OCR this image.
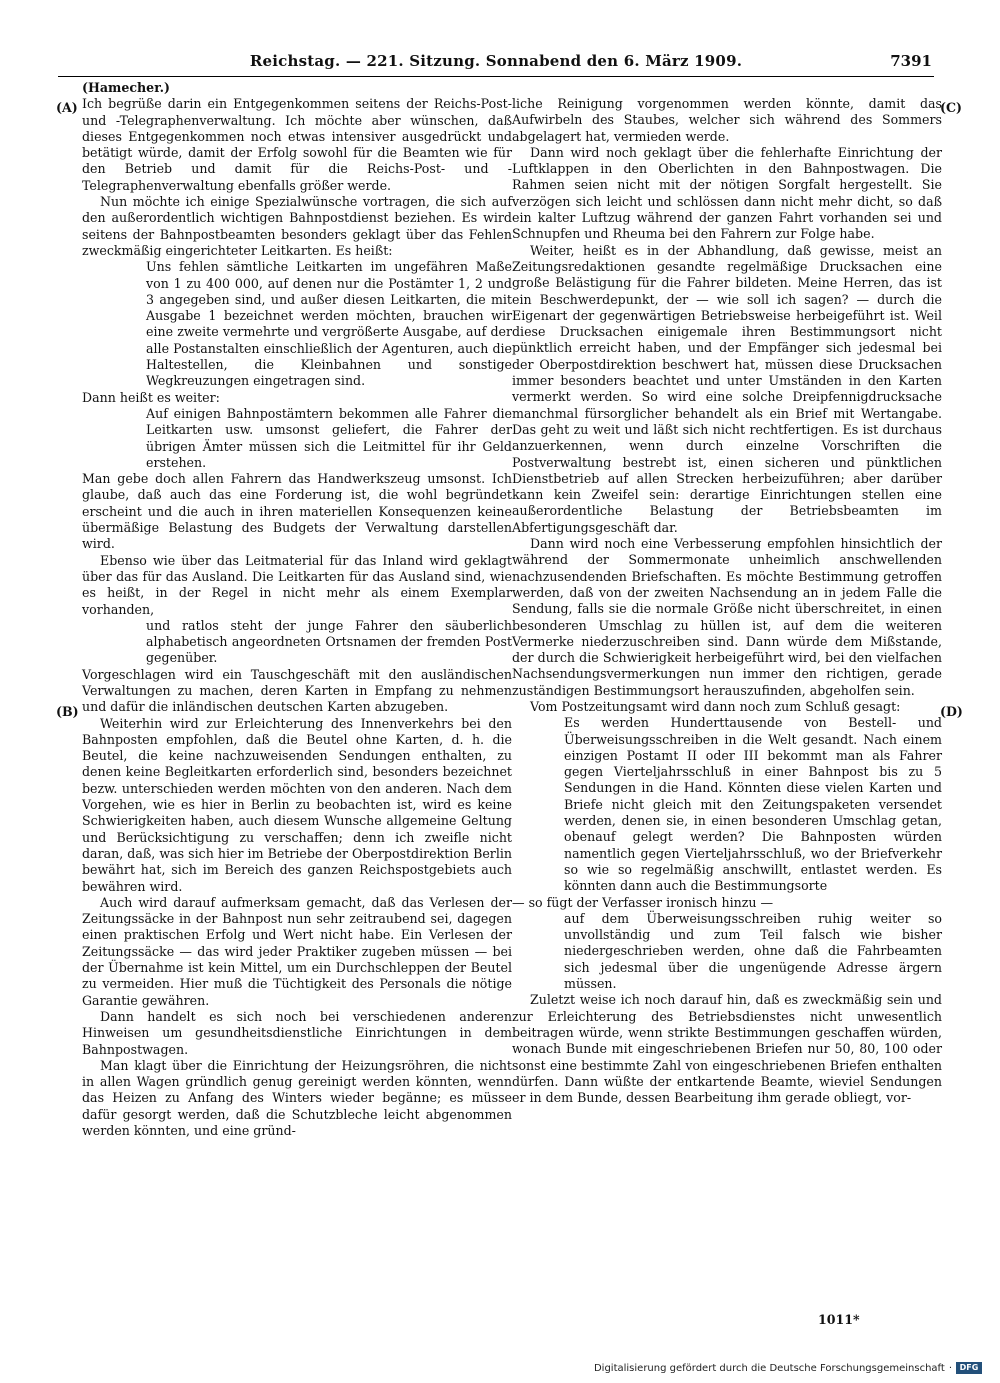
Reichstag. — 221. Sitzung. Sonnabend den 6. März 1909.	7391
(A)
(B)
(C)
(D)

(Hamecher.)

Ich begrüße darin ein Entgegenkommen seitens der Reichs-Post- und -Telegraphenverwaltung. Ich möchte aber wünschen, daß dieses Entgegenkommen noch etwas intensiver ausgedrückt und betätigt würde, damit der Erfolg sowohl für die Beamten wie für den Betrieb und damit für die Reichs-Post- und -Telegraphenverwaltung ebenfalls größer werde.

Nun möchte ich einige Spezialwünsche vortragen, die sich auf den außerordentlich wichtigen Bahnpostdienst beziehen. Es wird seitens der Bahnpostbeamten besonders geklagt über das Fehlen zweckmäßig eingerichteter Leitkarten. Es heißt:

Uns fehlen sämtliche Leitkarten im ungefähren Maße von 1 zu 400 000, auf denen nur die Postämter 1, 2 und 3 angegeben sind, und außer diesen Leitkarten, die mit Ausgabe 1 bezeichnet werden möchten, brauchen wir eine zweite vermehrte und vergrößerte Ausgabe, auf der alle Postanstalten einschließlich der Agenturen, auch die Haltestellen, die Kleinbahnen und sonstige Wegkreuzungen eingetragen sind.

Dann heißt es weiter:

Auf einigen Bahnpostämtern bekommen alle Fahrer die Leitkarten usw. umsonst geliefert, die Fahrer der übrigen Ämter müssen sich die Leitmittel für ihr Geld erstehen.

Man gebe doch allen Fahrern das Handwerkszeug umsonst. Ich glaube, daß auch das eine Forderung ist, die wohl begründet erscheint und die auch in ihren materiellen Konsequenzen keine übermäßige Belastung des Budgets der Verwaltung darstellen wird.

Ebenso wie über das Leitmaterial für das Inland wird geklagt über das für das Ausland. Die Leitkarten für das Ausland sind, wie es heißt, in der Regel in nicht mehr als einem Exemplar vorhanden,

und ratlos steht der junge Fahrer den säuberlich alphabetisch angeordneten Ortsnamen der fremden Post gegenüber.

Vorgeschlagen wird ein Tauschgeschäft mit den ausländischen Verwaltungen zu machen, deren Karten in Empfang zu nehmen und dafür die inländischen deutschen Karten abzugeben.

Weiterhin wird zur Erleichterung des Innenverkehrs bei den Bahnposten empfohlen, daß die Beutel ohne Karten, d. h. die Beutel, die keine nachzuweisenden Sendungen enthalten, zu denen keine Begleitkarten erforderlich sind, besonders bezeichnet bezw. unterschieden werden möchten von den anderen. Nach dem Vorgehen, wie es hier in Berlin zu beobachten ist, wird es keine Schwierigkeiten haben, auch diesem Wunsche allgemeine Geltung und Berücksichtigung zu verschaffen; denn ich zweifle nicht daran, daß, was sich hier im Betriebe der Oberpostdirektion Berlin bewährt hat, sich im Bereich des ganzen Reichspostgebiets auch bewähren wird.

Auch wird darauf aufmerksam gemacht, daß das Verlesen der Zeitungssäcke in der Bahnpost nun sehr zeitraubend sei, dagegen einen praktischen Erfolg und Wert nicht habe. Ein Verlesen der Zeitungssäcke — das wird jeder Praktiker zugeben müssen — bei der Übernahme ist kein Mittel, um ein Durchschleppen der Beutel zu vermeiden. Hier muß die Tüchtigkeit des Personals die nötige Garantie gewähren.

Dann handelt es sich noch bei verschiedenen anderen Hinweisen um gesundheitsdienstliche Einrichtungen in dem Bahnpostwagen.

Man klagt über die Einrichtung der Heizungsröhren, die nicht in allen Wagen gründlich genug gereinigt werden könnten, wenn das Heizen zu Anfang des Winters wieder begänne; es müsse dafür gesorgt werden, daß die Schutzbleche leicht abgenommen werden könnten, und eine gründ-

liche Reinigung vorgenommen werden könnte, damit das Aufwirbeln des Staubes, welcher sich während des Sommers abgelagert hat, vermieden werde.

Dann wird noch geklagt über die fehlerhafte Einrichtung der Luftklappen in den Oberlichten in den Bahnpostwagen. Die Rahmen seien nicht mit der nötigen Sorgfalt hergestellt. Sie verzögen sich leicht und schlössen dann nicht mehr dicht, so daß ein kalter Luftzug während der ganzen Fahrt vorhanden sei und Schnupfen und Rheuma bei den Fahrern zur Folge habe.

Weiter, heißt es in der Abhandlung, daß gewisse, meist an Zeitungsredaktionen gesandte regelmäßige Drucksachen eine große Belästigung für die Fahrer bildeten. Meine Herren, das ist ein Beschwerdepunkt, der — wie soll ich sagen? — durch die Eigenart der gegenwärtigen Betriebsweise herbeigeführt ist. Weil diese Drucksachen einigemale ihren Bestimmungsort nicht pünktlich erreicht haben, und der Empfänger sich jedesmal bei der Oberpostdirektion beschwert hat, müssen diese Drucksachen immer besonders beachtet und unter Umständen in den Karten vermerkt werden. So wird eine solche Dreipfennigdrucksache manchmal fürsorglicher behandelt als ein Brief mit Wertangabe. Das geht zu weit und läßt sich nicht rechtfertigen. Es ist durchaus anzuerkennen, wenn durch einzelne Vorschriften die Postverwaltung bestrebt ist, einen sicheren und pünktlichen Dienstbetrieb auf allen Strecken herbeizuführen; aber darüber kann kein Zweifel sein: derartige Einrichtungen stellen eine außerordentliche Belastung der Betriebsbeamten im Abfertigungsgeschäft dar.

Dann wird noch eine Verbesserung empfohlen hinsichtlich der während der Sommermonate unheimlich anschwellenden nachzusendenden Briefschaften. Es möchte Bestimmung getroffen werden, daß von der zweiten Nachsendung an in jedem Falle die Sendung, falls sie die normale Größe nicht überschreitet, in einen besonderen Umschlag zu hüllen ist, auf dem die weiteren Vermerke niederzuschreiben sind. Dann würde dem Mißstande, der durch die Schwierigkeit herbeigeführt wird, bei den vielfachen Nachsendungsvermerkungen nun immer den richtigen, gerade zuständigen Bestimmungsort herauszufinden, abgeholfen sein.

Vom Postzeitungsamt wird dann noch zum Schluß gesagt:

Es werden Hunderttausende von Bestell- und Überweisungsschreiben in die Welt gesandt. Nach einem einzigen Postamt II oder III bekommt man als Fahrer gegen Vierteljahrsschluß in einer Bahnpost bis zu 5 Sendungen in die Hand. Könnten diese vielen Karten und Briefe nicht gleich mit den Zeitungspaketen versendet werden, denen sie, in einen besonderen Umschlag getan, obenauf gelegt werden? Die Bahnposten würden namentlich gegen Vierteljahrsschluß, wo der Briefverkehr so wie so regelmäßig anschwillt, entlastet werden. Es könnten dann auch die Bestimmungsorte

— so fügt der Verfasser ironisch hinzu —

auf dem Überweisungsschreiben ruhig weiter so unvollständig und zum Teil falsch wie bisher niedergeschrieben werden, ohne daß die Fahrbeamten sich jedesmal über die ungenügende Adresse ärgern müssen.

Zuletzt weise ich noch darauf hin, daß es zweckmäßig sein und zur Erleichterung des Betriebsdienstes nicht unwesentlich beitragen würde, wenn strikte Bestimmungen geschaffen würden, wonach Bunde mit eingeschriebenen Briefen nur 50, 80, 100 oder sonst eine bestimmte Zahl von eingeschriebenen Briefen enthalten dürfen. Dann wüßte der entkartende Beamte, wieviel Sendungen er in dem Bunde, dessen Bearbeitung ihm gerade obliegt, vor-

1011*
Digitalisierung gefördert durch die Deutsche Forschungsgemeinschaft · DFG
